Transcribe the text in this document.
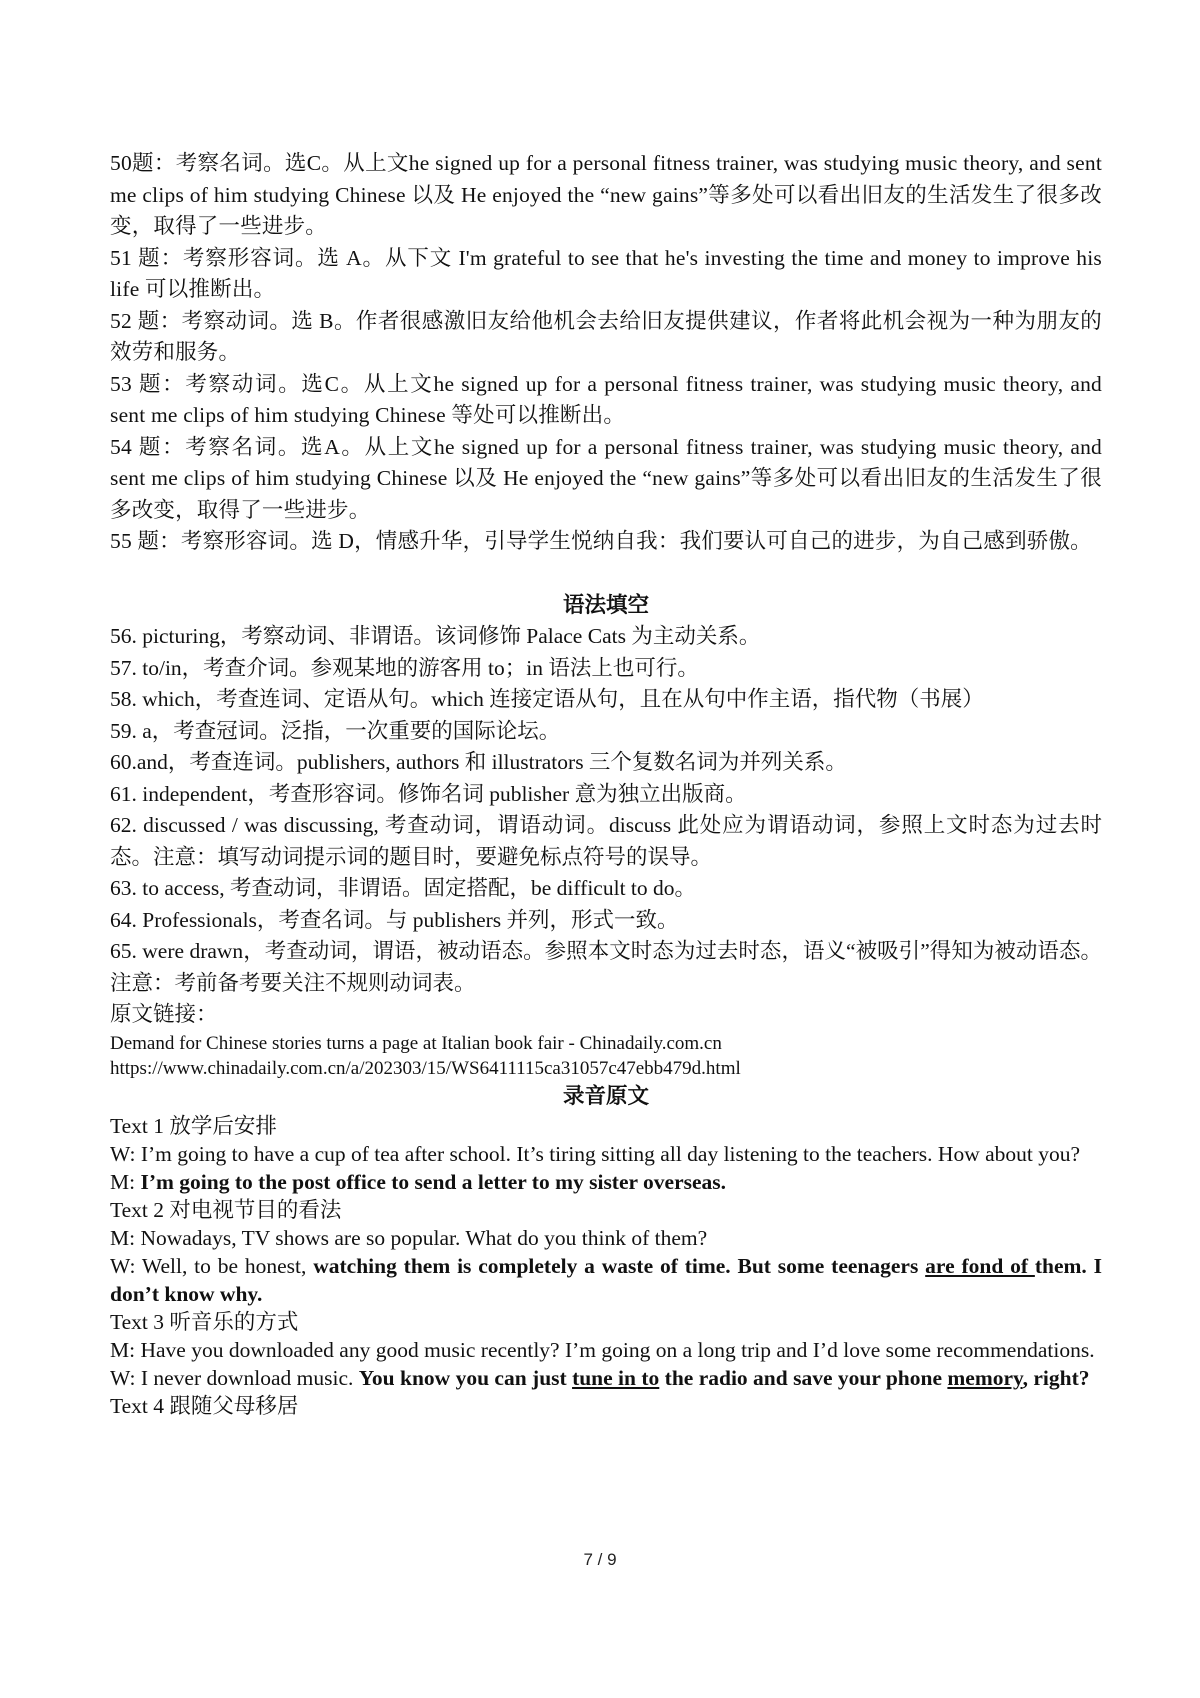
50题：考察名词。选C。从上文he signed up for a personal fitness trainer, was studying music theory, and sent me clips of him studying Chinese 以及 He enjoyed the “new gains”等多处可以看出旧友的生活发生了很多改变，取得了一些进步。

51 题：考察形容词。选 A。从下文 I'm grateful to see that he's investing the time and money to improve his life 可以推断出。

52 题：考察动词。选 B。作者很感激旧友给他机会去给旧友提供建议，作者将此机会视为一种为朋友的效劳和服务。

53 题：考察动词。选C。从上文he signed up for a personal fitness trainer, was studying music theory, and sent me clips of him studying Chinese 等处可以推断出。

54 题：考察名词。选A。从上文he signed up for a personal fitness trainer, was studying music theory, and sent me clips of him studying Chinese 以及 He enjoyed the “new gains”等多处可以看出旧友的生活发生了很多改变，取得了一些进步。

55 题：考察形容词。选 D，情感升华，引导学生悦纳自我：我们要认可自己的进步，为自己感到骄傲。

语法填空

56. picturing，考察动词、非谓语。该词修饰 Palace Cats 为主动关系。

57. to/in，考查介词。参观某地的游客用 to；in 语法上也可行。

58. which，考查连词、定语从句。which 连接定语从句，且在从句中作主语，指代物（书展）

59. a，考查冠词。泛指，一次重要的国际论坛。

60.and，考查连词。publishers, authors 和 illustrators 三个复数名词为并列关系。

61. independent，考查形容词。修饰名词 publisher 意为独立出版商。

62. discussed / was discussing, 考查动词，谓语动词。discuss 此处应为谓语动词，参照上文时态为过去时态。注意：填写动词提示词的题目时，要避免标点符号的误导。

63. to access, 考查动词，非谓语。固定搭配，be difficult to do。

64. Professionals，考查名词。与 publishers 并列，形式一致。

65. were drawn，考查动词，谓语，被动语态。参照本文时态为过去时态，语义“被吸引”得知为被动语态。注意：考前备考要关注不规则动词表。

原文链接：

Demand for Chinese stories turns a page at Italian book fair - Chinadaily.com.cn

https://www.chinadaily.com.cn/a/202303/15/WS6411115ca31057c47ebb479d.html

录音原文

Text 1 放学后安排

W: I’m going to have a cup of tea after school. It’s tiring sitting all day listening to the teachers. How about you?

M: I’m going to the post office to send a letter to my sister overseas.

Text 2 对电视节目的看法

M: Nowadays, TV shows are so popular. What do you think of them?

W: Well, to be honest, watching them is completely a waste of time. But some teenagers are fond of them. I don’t know why.

Text 3 听音乐的方式

M: Have you downloaded any good music recently? I’m going on a long trip and I’d love some recommendations.

W: I never download music. You know you can just tune in to the radio and save your phone memory, right?

Text 4 跟随父母移居

7 / 9
